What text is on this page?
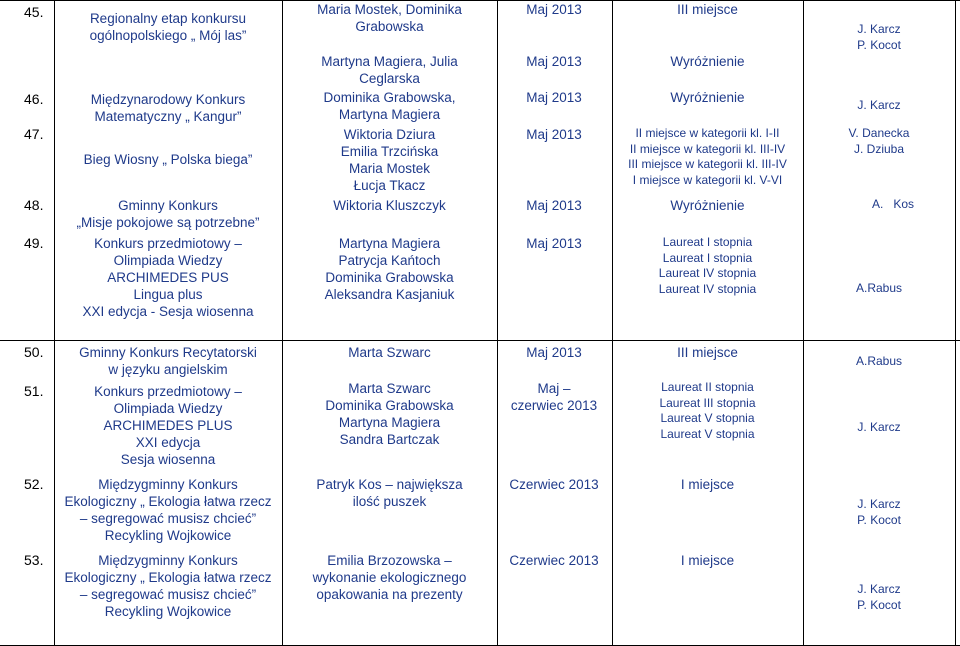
45.
46.
47.
48.
49.
50.
51.
52.
53.
Regionalny etap konkursu
ogólnopolskiego „ Mój las”
Międzynarodowy Konkurs
Matematyczny „ Kangur”
Bieg Wiosny „ Polska biega”
Gminny Konkurs
„Misje pokojowe są potrzebne”
Konkurs przedmiotowy –
Olimpiada Wiedzy
ARCHIMEDES PUS
Lingua plus
XXI edycja - Sesja wiosenna
Gminny Konkurs Recytatorski
w języku angielskim
Konkurs przedmiotowy –
Olimpiada Wiedzy
ARCHIMEDES PLUS
XXI edycja
Sesja wiosenna
Międzygminny Konkurs
Ekologiczny „ Ekologia łatwa rzecz
– segregować musisz chcieć”
Recykling Wojkowice
Międzygminny Konkurs
Ekologiczny „ Ekologia łatwa rzecz
– segregować musisz chcieć”
Recykling Wojkowice
Maria Mostek, Dominika
Grabowska
Martyna Magiera, Julia
Ceglarska
Dominika Grabowska,
Martyna Magiera
Wiktoria Dziura
Emilia Trzcińska
Maria Mostek
Łucja Tkacz
Wiktoria Kluszczyk
Martyna Magiera
Patrycja Kańtoch
Dominika Grabowska
Aleksandra Kasjaniuk
Marta Szwarc
Marta Szwarc
Dominika Grabowska
Martyna Magiera
Sandra Bartczak
Patryk Kos – największa
ilość puszek
Emilia Brzozowska –
wykonanie ekologicznego
opakowania na prezenty
Maj 2013
Maj 2013
Maj 2013
Maj 2013
Maj 2013
Maj 2013
Maj 2013
Maj –
czerwiec 2013
Czerwiec 2013
Czerwiec 2013
III miejsce
Wyróżnienie
Wyróżnienie
II miejsce w kategorii kl. I-II
II miejsce w kategorii kl. III-IV
III miejsce w kategorii kl. III-IV
I miejsce w kategorii kl. V-VI
Wyróżnienie
Laureat I stopnia
Laureat I stopnia
Laureat IV stopnia
Laureat IV stopnia
III miejsce
Laureat II stopnia
Laureat III stopnia
Laureat V stopnia
Laureat V stopnia
I miejsce
I miejsce
J. Karcz
P. Kocot
J. Karcz
V. Danecka
J. Dziuba
A.   Kos
A.Rabus
A.Rabus
J. Karcz
J. Karcz
P. Kocot
J. Karcz
P. Kocot
